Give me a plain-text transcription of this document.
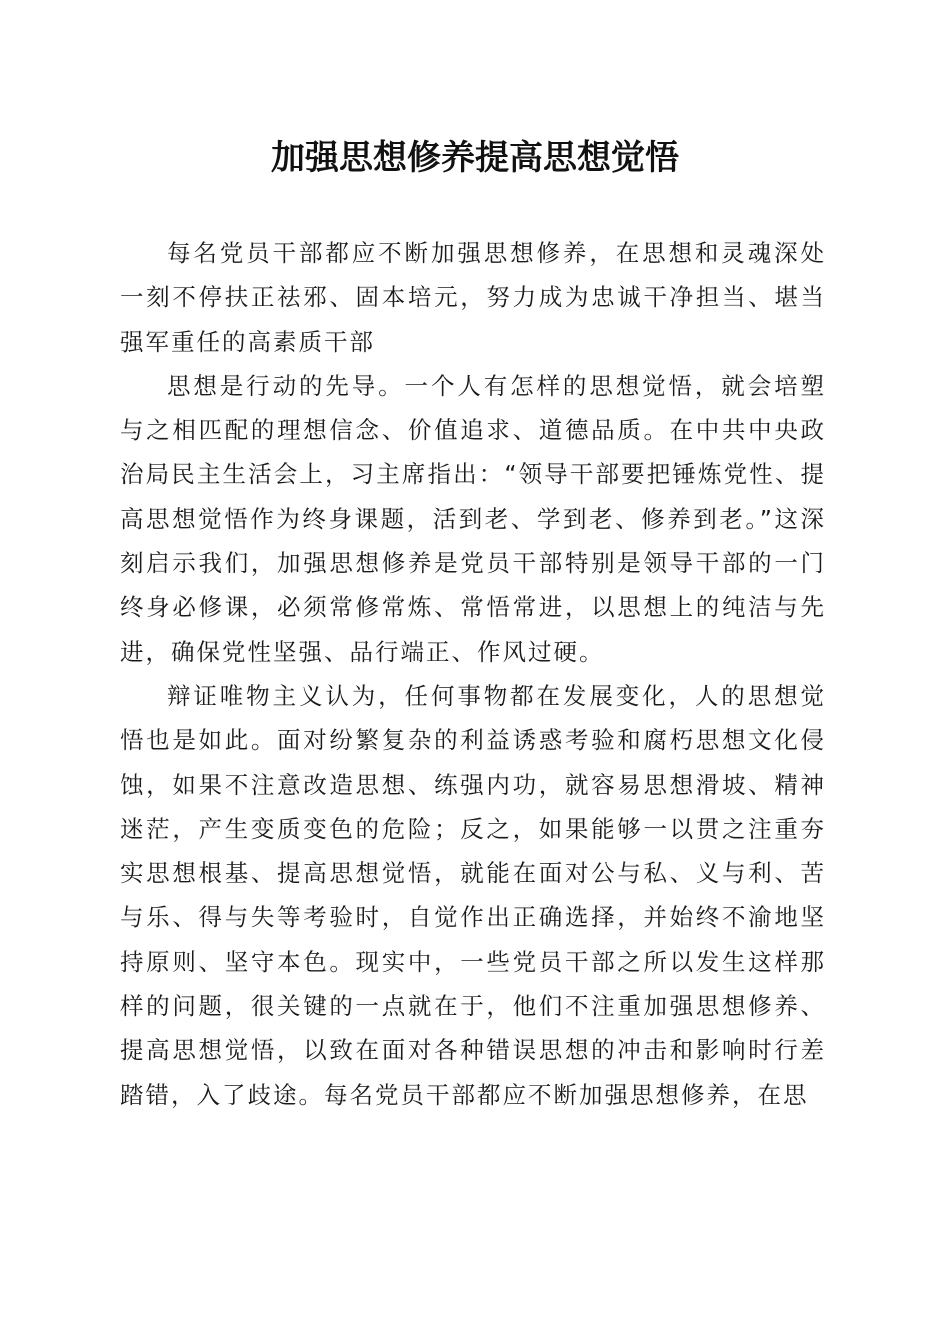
加强思想修养提高思想觉悟

每名党员干部都应不断加强思想修养，在思想和灵魂深处一刻不停扶正祛邪、固本培元，努力成为忠诚干净担当、堪当强军重任的高素质干部

思想是行动的先导。一个人有怎样的思想觉悟，就会培塑与之相匹配的理想信念、价值追求、道德品质。在中共中央政治局民主生活会上，习主席指出：“领导干部要把锤炼党性、提高思想觉悟作为终身课题，活到老、学到老、修养到老。”这深刻启示我们，加强思想修养是党员干部特别是领导干部的一门终身必修课，必须常修常炼、常悟常进，以思想上的纯洁与先进，确保党性坚强、品行端正、作风过硬。

辩证唯物主义认为，任何事物都在发展变化，人的思想觉悟也是如此。面对纷繁复杂的利益诱惑考验和腐朽思想文化侵蚀，如果不注意改造思想、练强内功，就容易思想滑坡、精神迷茫，产生变质变色的危险；反之，如果能够一以贯之注重夯实思想根基、提高思想觉悟，就能在面对公与私、义与利、苦与乐、得与失等考验时，自觉作出正确选择，并始终不渝地坚持原则、坚守本色。现实中，一些党员干部之所以发生这样那样的问题，很关键的一点就在于，他们不注重加强思想修养、提高思想觉悟，以致在面对各种错误思想的冲击和影响时行差踏错，入了歧途。每名党员干部都应不断加强思想修养，在思
